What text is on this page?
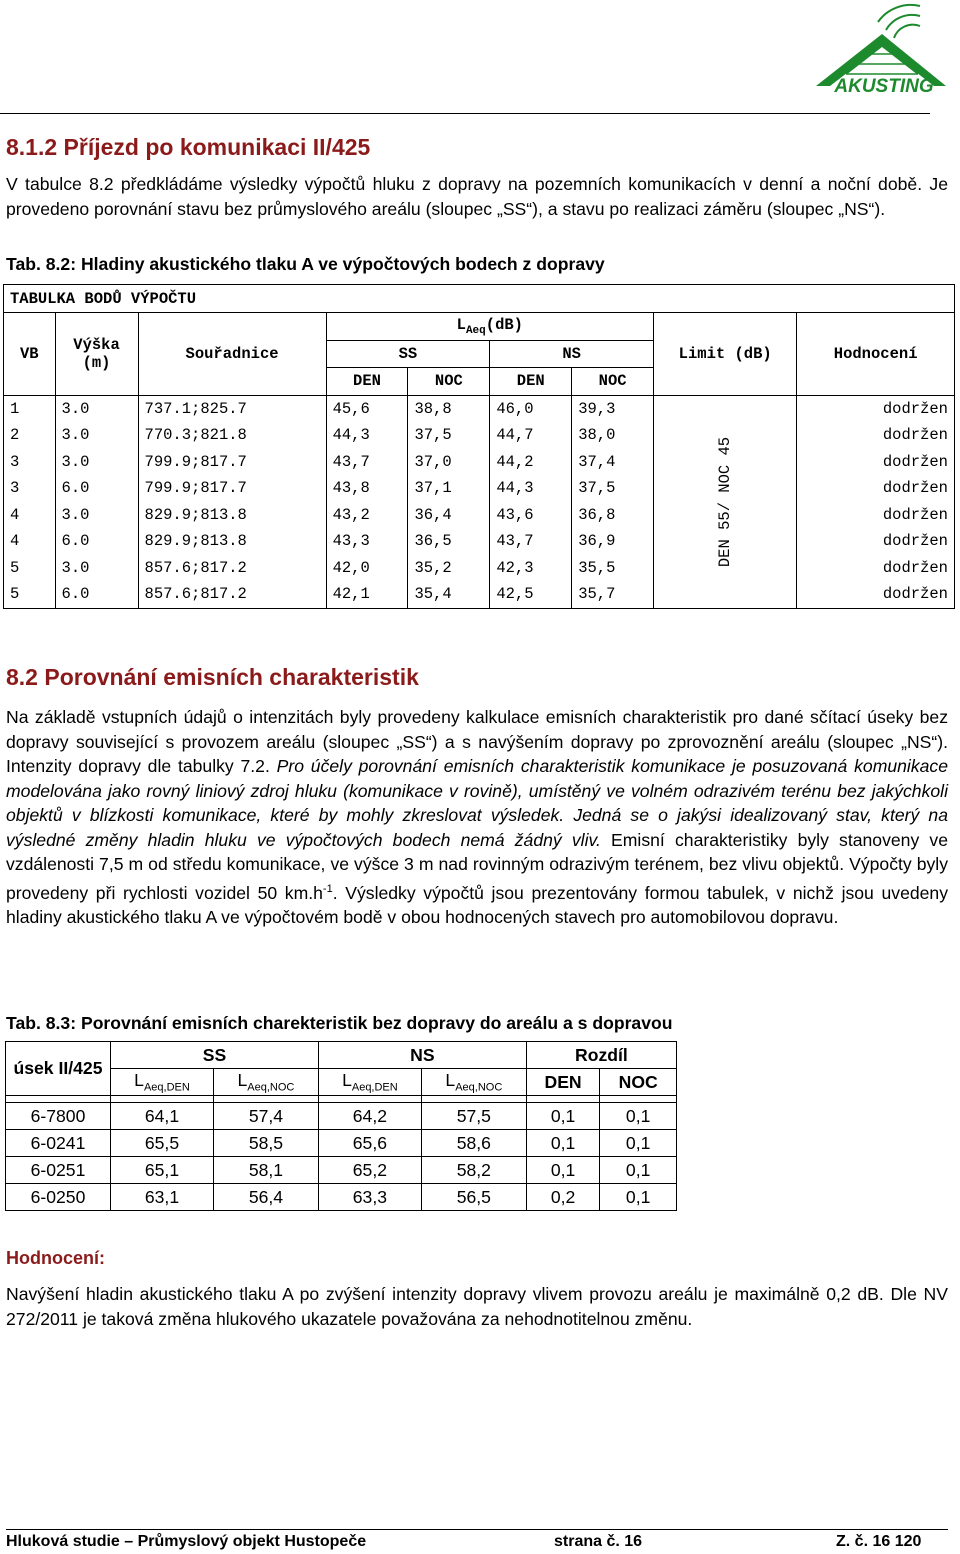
AKUSTING
8.1.2 Příjezd po komunikaci II/425
V tabulce 8.2 předkládáme výsledky výpočtů hluku z dopravy na pozemních komunikacích v denní a noční době. Je provedeno porovnání stavu bez průmyslového areálu (sloupec „SS“), a stavu po realizaci záměru (sloupec „NS“).
Tab. 8.2: Hladiny akustického tlaku A ve výpočtových bodech z dopravy
TABULKA BODŮ VÝPOČTU								
VB	Výška (m)	Souřadnice	$L_{Aeq}(dB)$				Limit (dB)	Hodnocení
			SS		NS			
			DEN	NOC	DEN	NOC		
1	3.0	737.1;825.7	45,6	38,8	46,0	39,3	DEN 55/ NOC 45	dodržen
2	3.0	770.3;821.8	44,3	37,5	44,7	38,0		dodržen
3	3.0	799.9;817.7	43,7	37,0	44,2	37,4		dodržen
3	6.0	799.9;817.7	43,8	37,1	44,3	37,5		dodržen
4	3.0	829.9;813.8	43,2	36,4	43,6	36,8		dodržen
4	6.0	829.9;813.8	43,3	36,5	43,7	36,9		dodržen
5	3.0	857.6;817.2	42,0	35,2	42,3	35,5		dodržen
5	6.0	857.6;817.2	42,1	35,4	42,5	35,7		dodržen
8.2 Porovnání emisních charakteristik
Na základě vstupních údajů o intenzitách byly provedeny kalkulace emisních charakteristik pro dané sčítací úseky bez dopravy související s provozem areálu (sloupec „SS“) a s navýšením dopravy po zprovoznění areálu (sloupec „NS“). Intenzity dopravy dle tabulky 7.2. Pro účely porovnání emisních charakteristik komunikace je posuzovaná komunikace modelována jako rovný liniový zdroj hluku (komunikace v rovině), umístěný ve volném odrazivém terénu bez jakýchkoli objektů v blízkosti komunikace, které by mohly zkreslovat výsledek. Jedná se o jakýsi idealizovaný stav, který na výsledné změny hladin hluku ve výpočtových bodech nemá žádný vliv. Emisní charakteristiky byly stanoveny ve vzdálenosti 7,5 m od středu komunikace, ve výšce 3 m nad rovinným odrazivým terénem, bez vlivu objektů. Výpočty byly provedeny při rychlosti vozidel 50 $km.h^{-1}$. Výsledky výpočtů jsou prezentovány formou tabulek, v nichž jsou uvedeny hladiny akustického tlaku A ve výpočtovém bodě v obou hodnocených stavech pro automobilovou dopravu.
Tab. 8.3: Porovnání emisních charekteristik bez dopravy do areálu a s dopravou
úsek II/425	SS		NS		Rozdíl	
	$L_{Aeq,DEN}$	$L_{Aeq,NOC}$	$L_{Aeq,DEN}$	$L_{Aeq,NOC}$	DEN	NOC

6-7800	64,1	57,4	64,2	57,5	0,1	0,1
6-0241	65,5	58,5	65,6	58,6	0,1	0,1
6-0251	65,1	58,1	65,2	58,2	0,1	0,1
6-0250	63,1	56,4	63,3	56,5	0,2	0,1
Hodnocení:
Navýšení hladin akustického tlaku A po zvýšení intenzity dopravy vlivem provozu areálu je maximálně 0,2 dB. Dle NV 272/2011 je taková změna hlukového ukazatele považována za nehodnotitelnou změnu.
Hluková studie – Průmyslový objekt Hustopeče	strana č. 16	Z. č. 16 120
